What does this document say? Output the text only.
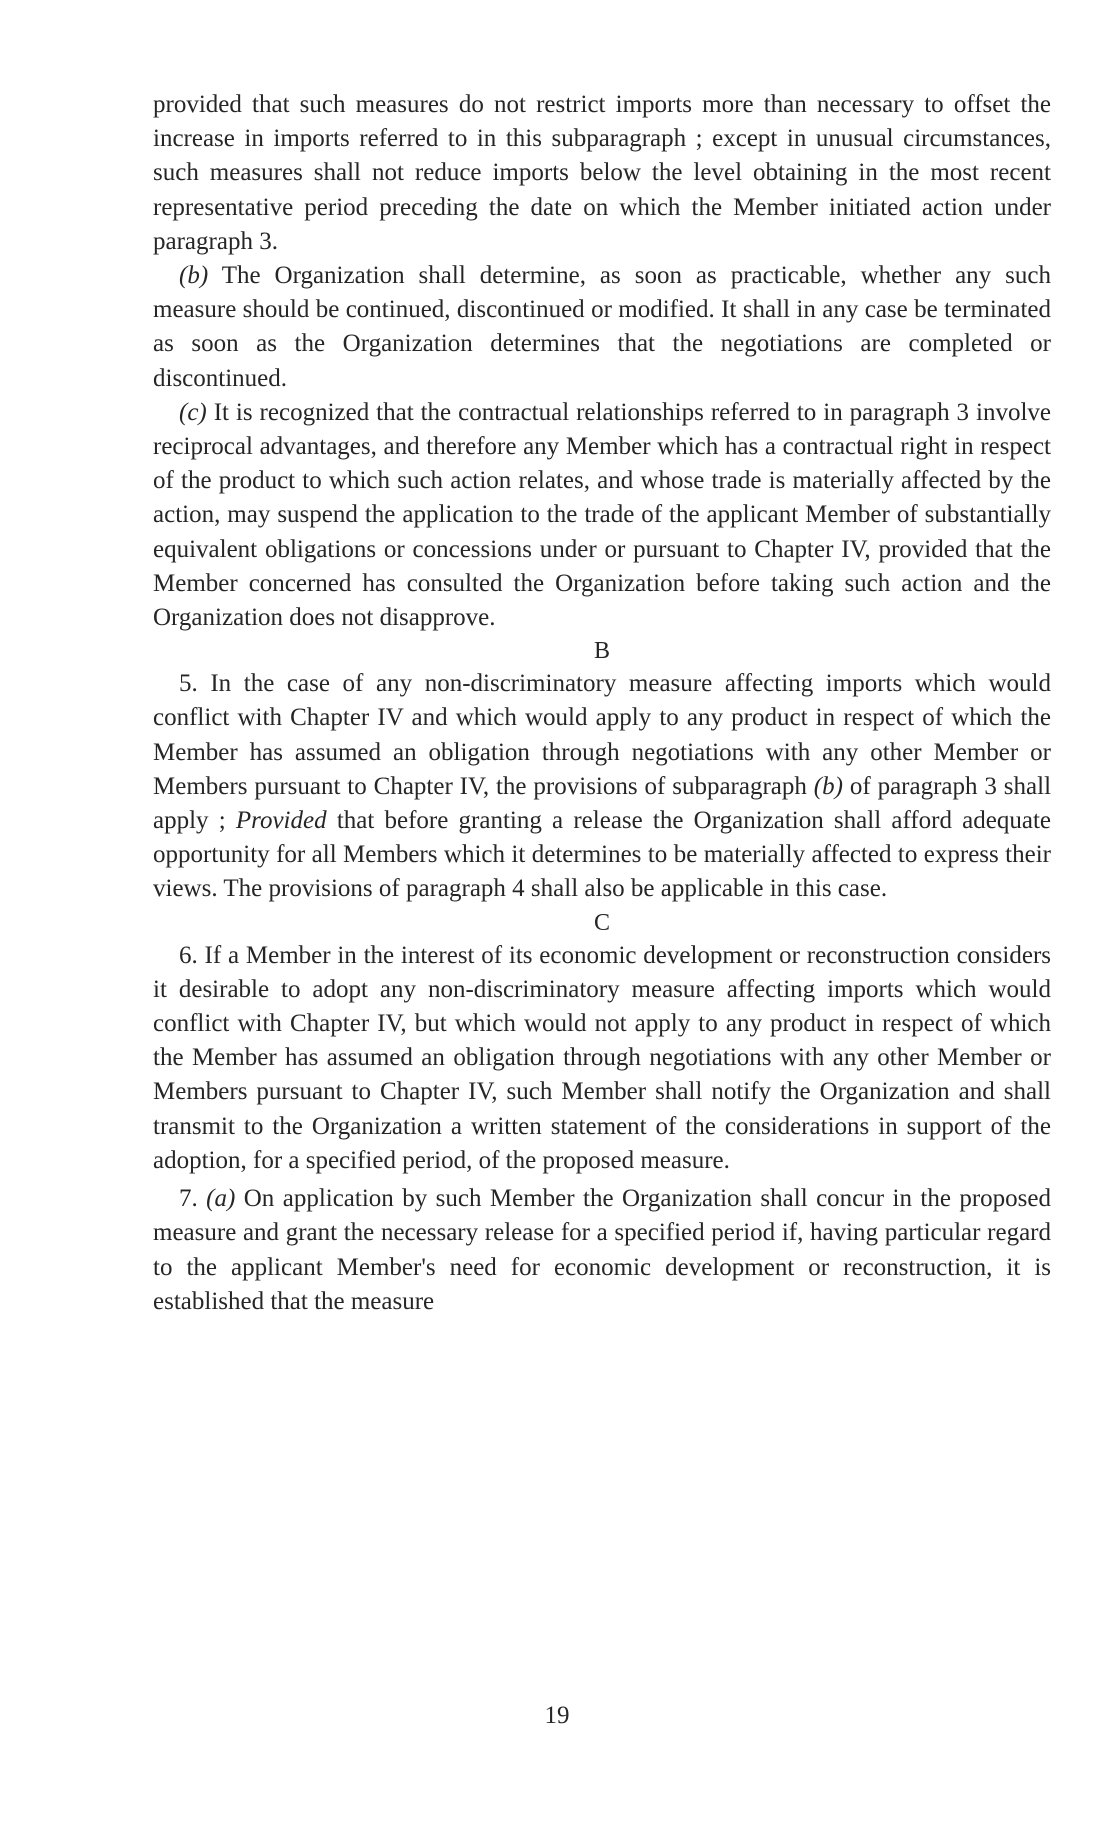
provided that such measures do not restrict imports more than necessary to offset the increase in imports referred to in this subparagraph ; except in unusual circumstances, such measures shall not reduce imports below the level obtaining in the most recent representative period preceding the date on which the Member initiated action under paragraph 3.

(b) The Organization shall determine, as soon as practicable, whether any such measure should be continued, discontinued or modified. It shall in any case be terminated as soon as the Organization determines that the negotiations are completed or discontinued.

(c) It is recognized that the contractual relationships referred to in paragraph 3 involve reciprocal advantages, and therefore any Member which has a contractual right in respect of the product to which such action relates, and whose trade is materially affected by the action, may suspend the application to the trade of the applicant Member of substantially equivalent obligations or concessions under or pursuant to Chapter IV, provided that the Member concerned has consulted the Organization before taking such action and the Organization does not disapprove.

B

5. In the case of any non-discriminatory measure affecting imports which would conflict with Chapter IV and which would apply to any product in respect of which the Member has assumed an obligation through negotiations with any other Member or Members pursuant to Chapter IV, the provisions of subparagraph (b) of paragraph 3 shall apply ; Provided that before granting a release the Organization shall afford adequate opportunity for all Members which it determines to be materially affected to express their views. The provisions of paragraph 4 shall also be applicable in this case.

C

6. If a Member in the interest of its economic development or reconstruction considers it desirable to adopt any non-discriminatory measure affecting imports which would conflict with Chapter IV, but which would not apply to any product in respect of which the Member has assumed an obligation through negotiations with any other Member or Members pursuant to Chapter IV, such Member shall notify the Organization and shall transmit to the Organization a written statement of the considerations in support of the adoption, for a specified period, of the proposed measure.

7. (a) On application by such Member the Organization shall concur in the proposed measure and grant the necessary release for a specified period if, having particular regard to the applicant Member's need for economic development or reconstruction, it is established that the measure

19
